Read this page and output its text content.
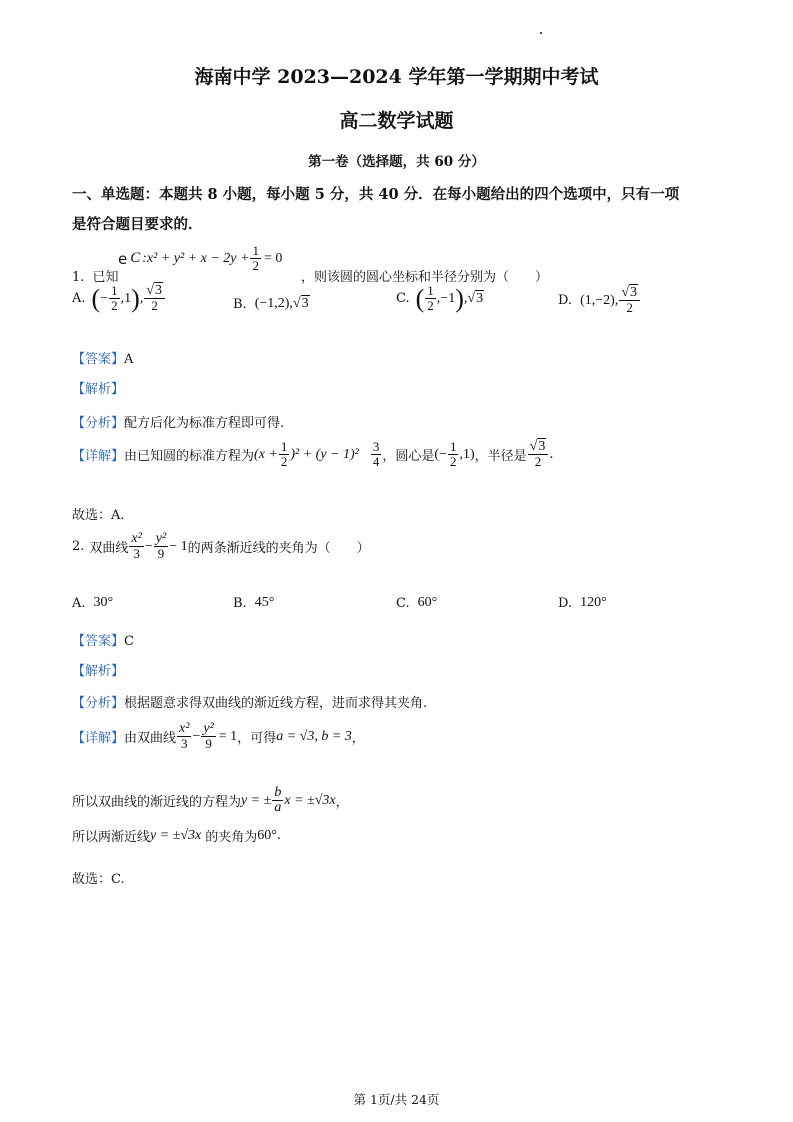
海南中学 2023—2024 学年第一学期期中考试
高二数学试题
第一卷（选择题，共 60 分）
一、单选题：本题共 8 小题，每小题 5 分，共 40 分．在每小题给出的四个选项中，只有一项
是符合题目要求的．
e C :x² + $y^2 + x - 2y + \frac{1}{2} = 0$
1. 已知	，则该圆的圆心坐标和半径分别为（　　）
A. ( − $\frac{1}{2} ,1$ ) , $\frac{√3}{2}$	B. (−1,2), √3	C. ( $\frac{1}{2} ,-1$ ) , √3	D. (1,−2), $\frac{√3}{2}$
【答案】A
【解析】
【分析】配方后化为标准方程即可得.
【详解】 由已知圆的标准方程为 $(x + \frac{1}{2} )^2 + (y - 1)^2 \frac{3}{4}$ ，圆心是 (− $\frac{1}{2} ,1$) ，半径是 $\frac{√3}{2}$ .
故选：A.
2. 双曲线 $\frac{\text{x²}}{3} - \frac{\text{y²}}{9} - 1$ 的两条渐近线的夹角为（　　）
A. 30°	B. 45°	C. 60°	D. 120°
【答案】C
【解析】
【分析】根据题意求得双曲线的渐近线方程，进而求得其夹角.
【详解】 由双曲线 $\frac{\text{x²}}{3} - \frac{\text{y²}}{9} = 1$ ，可得 a = √3, b = 3 ，
所以双曲线的渐近线的方程为 y = ± $\frac{b}{a}$ x = ±√3x ，
所以两渐近线 y = ±√3x 的夹角为 60° .
故选：C.
第 1页/共 24页
